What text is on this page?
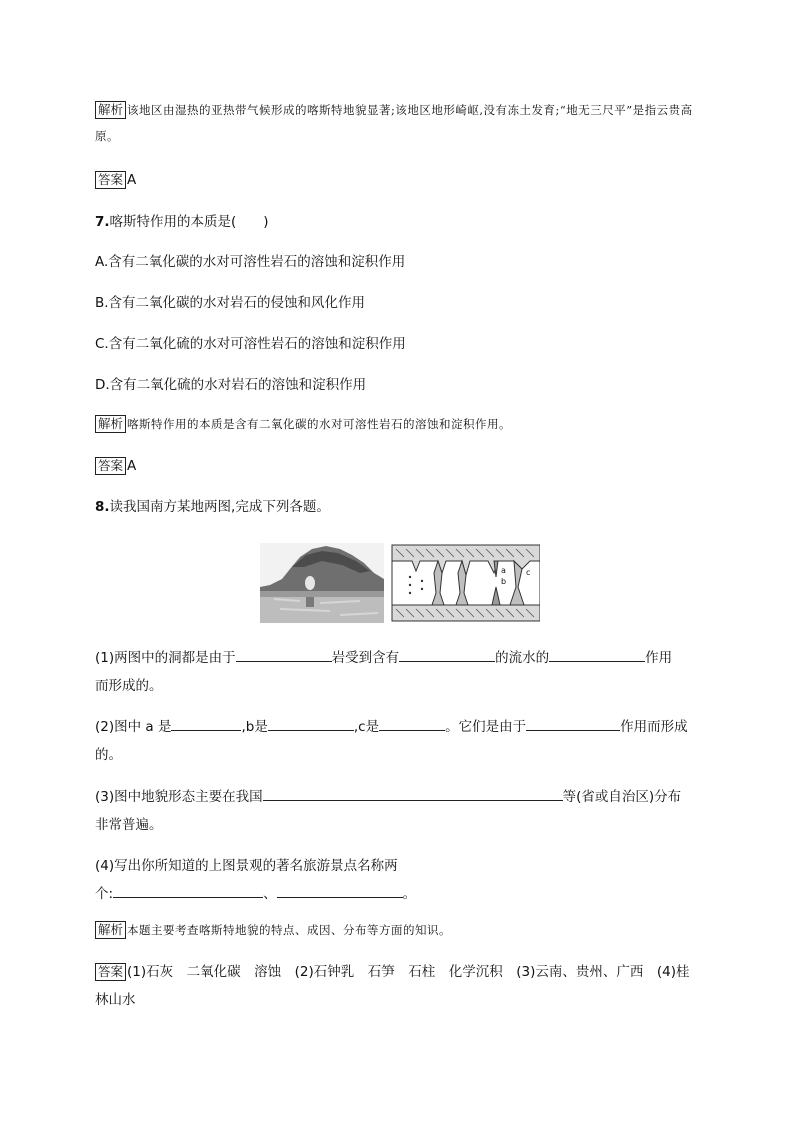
解析 该地区由湿热的亚热带气候形成的喀斯特地貌显著;该地区地形崎岖,没有冻土发育;“地无三尺平”是指云贵高原。
答案 A
7.喀斯特作用的本质是(　　)
A.含有二氧化碳的水对可溶性岩石的溶蚀和淀积作用
B.含有二氧化碳的水对岩石的侵蚀和风化作用
C.含有二氧化硫的水对可溶性岩石的溶蚀和淀积作用
D.含有二氧化硫的水对岩石的溶蚀和淀积作用
解析 喀斯特作用的本质是含有二氧化碳的水对可溶性岩石的溶蚀和淀积作用。
答案 A
8.读我国南方某地两图,完成下列各题。
a
b
c
(1)两图中的洞都是由于	岩受到含有	的流水的	作用
而形成的。
(2)图中 a 是	,b是	,c是	。它们是由于	作用而形成
的。
(3)图中地貌形态主要在我国	等(省或自治区)分布
非常普遍。
(4)写出你所知道的上图景观的著名旅游景点名称两
个:	、	。
解析 本题主要考查喀斯特地貌的特点、成因、分布等方面的知识。
答案 (1)石灰　二氧化碳　溶蚀　(2)石钟乳　石笋　石柱　化学沉积　(3)云南、贵州、广西　(4)桂
林山水
